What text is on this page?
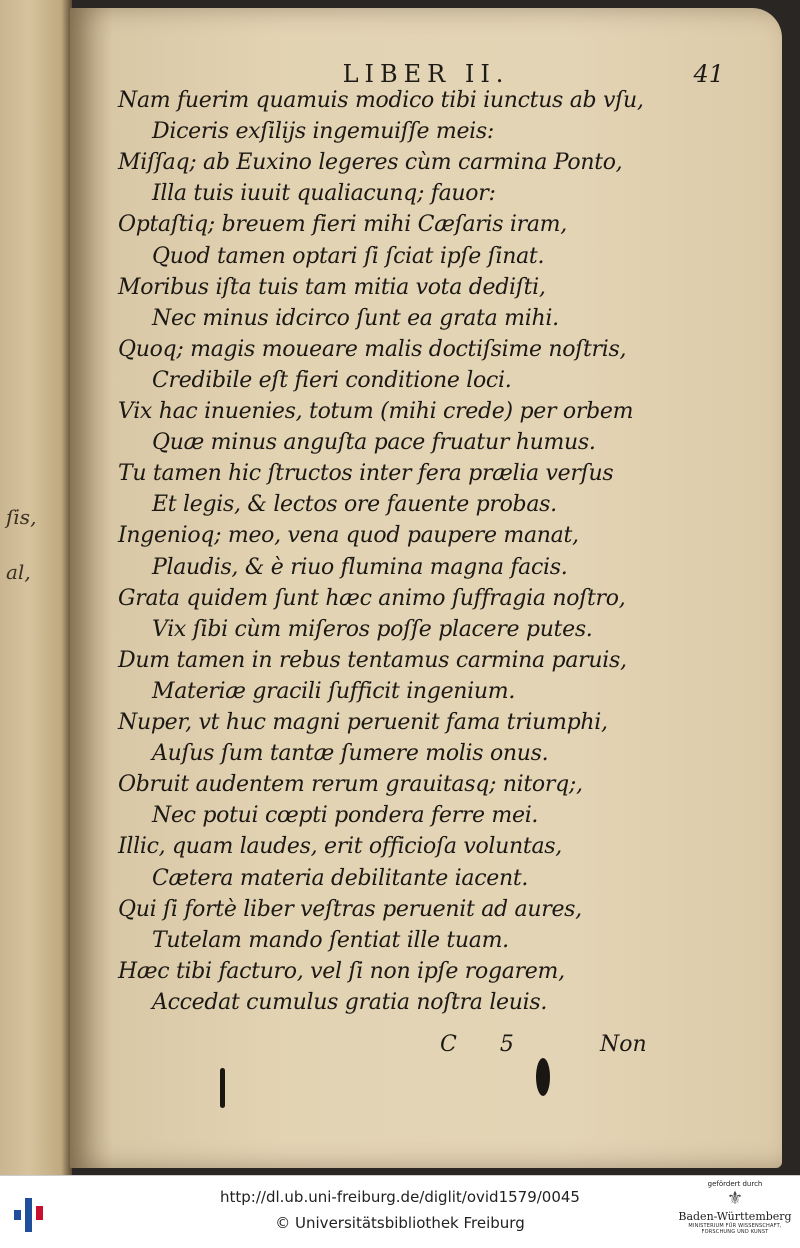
ſis,
al,
LIBER II.	41
Nam fuerim quamuis modico tibi iunctus ab vſu,
Diceris exſilijs ingemuiſſe meis:
Miſſaq; ab Euxino legeres cùm carmina Ponto,
Illa tuis iuuit qualiacunq; fauor:
Optaſtiq; breuem fieri mihi Cæſaris iram,
Quod tamen optari ſi ſciat ipſe ſinat.
Moribus iſta tuis tam mitia vota dediſti,
Nec minus idcirco ſunt ea grata mihi.
Quoq; magis moueare malis doctiſsime noſtris,
Credibile eſt fieri conditione loci.
Vix hac inuenies, totum (mihi crede) per orbem
Quæ minus anguſta pace fruatur humus.
Tu tamen hic ſtructos inter fera prælia verſus
Et legis, & lectos ore fauente probas.
Ingenioq; meo, vena quod paupere manat,
Plaudis, & è riuo flumina magna facis.
Grata quidem ſunt hæc animo ſuffragia noſtro,
Vix ſibi cùm miſeros poſſe placere putes.
Dum tamen in rebus tentamus carmina paruis,
Materiæ gracili ſufficit ingenium.
Nuper, vt huc magni peruenit fama triumphi,
Auſus ſum tantæ ſumere molis onus.
Obruit audentem rerum grauitasq; nitorq;,
Nec potui cœpti pondera ferre mei.
Illic, quam laudes, erit officioſa voluntas,
Cætera materia debilitante iacent.
Qui ſi fortè liber veſtras peruenit ad aures,
Tutelam mando ſentiat ille tuam.
Hæc tibi facturo, vel ſi non ipſe rogarem,
Accedat cumulus gratia noſtra leuis.
C 5	Non
http://dl.ub.uni-freiburg.de/diglit/ovid1579/0045
© Universitätsbibliothek Freiburg
gefördert durch
⚜
Baden-Württemberg
MINISTERIUM FÜR WISSENSCHAFT, FORSCHUNG UND KUNST
